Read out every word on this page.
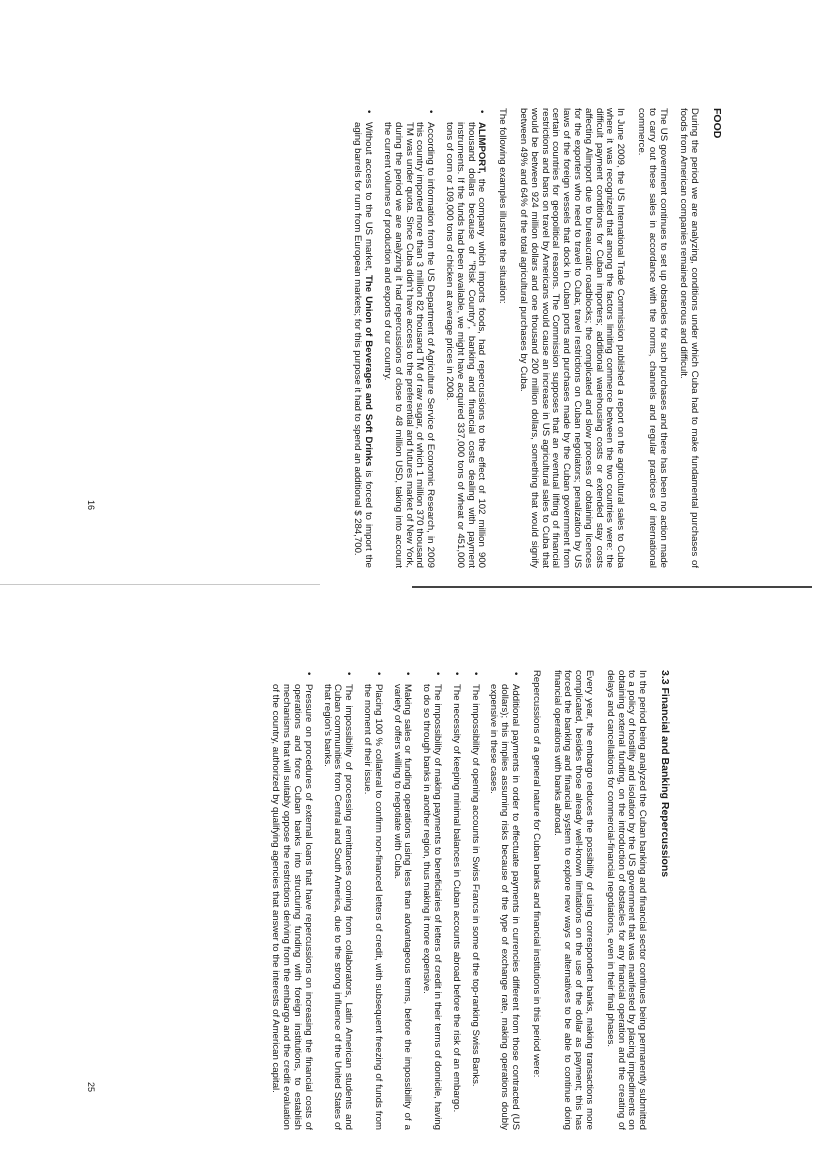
FOOD

During the period we are analyzing, conditions under which Cuba had to make fundamental purchases of foods from American companies remained onerous and difficult.

The US government continues to set up obstacles for such purchases and there has been no action made to carry out these sales in accordance with the norms, channels and regular practices of international commerce.

In June 2009, the US International Trade Commission published a report on the agricultural sales to Cuba where it was recognized that among the factors limiting commerce between the two countries were: the difficult payment conditions for Cuban importers; additional warehousing costs or extended stay costs affecting Alimport due to bureaucratic roadblocks; the complicated and slow process of obtaining licences for the exporters who need to travel to Cuba; travel restrictions on Cuban negotiators; penalization by US laws of the foreign vessels that dock in Cuban ports and purchases made by the Cuban government from certain countries for geopolitical reasons. The Commission supposes that an eventual lifting of financial restrictions and bans on travel by Americans would cause an increase in US agricultural sales to Cuba that would be between 924 million dollars and one thousand 200 million dollars, something that would signify between 49% and 64% of the total agricultural purchases by Cuba.

The following examples illustrate the situation:

• ALIMPORT, the company which imports foods, had repercussions to the effect of 102 million 900 thousand dollars because of "Risk Country", banking and financial costs dealing with payment instruments. If the funds had been available, we might have acquired 337,000 tons of wheat or 451,000 tons of corn or 109,000 tons of chicken at average prices in 2008.
• According to information from the US Department of Agriculture Service of Economic Research, in 2009 this country imported more than 3 million 82 thousand TM of raw sugar, of which 1 million 370 thousand TM was under quota. Since Cuba didn't have access to the preferential and futures market of New York, during the period we are analyzing it had repercussions of close to 48 million USD, taking into account the current volumes of production and exports of our country.
• Without access to the US market, The Union of Beverages and Soft Drinks is forced to import the aging barrels for rum from European markets; for this purpose it had to spend an additional $ 284,700.
16
3.3 Financial and Banking Repercussions

In the period being analyzed the Cuban banking and financial sector continues being permanently submitted to a policy of hostility and isolation by the US government that was manifested by placing impediments on obtaining external funding, on the introduction of obstacles for any financial operation and the creating of delays and cancellations for commercial-financial negotiations, even in their final phases.

Every year, the embargo reduces the possibility of using correspondent banks, making transactions more complicated, besides those already well-known limitations on the use of the dollar as payment; this has forced the banking and financial system to explore new ways or alternatives to be able to continue doing financial operations with banks abroad.

Repercussions of a general nature for Cuban banks and financial institutions in this period were:

• Additional payments in order to effectuate payments in currencies different from those contracted (US dollars); this implies assuming risks because of the type of exchange rate, making operations doubly expensive in these cases.
• The impossibility of opening accounts in Swiss Francs in some of the top-ranking Swiss Banks.
• The necessity of keeping minimal balances in Cuban accounts abroad before the risk of an embargo.
• The impossibility of making payments to beneficiaries of letters of credit in their terms of domicile, having to do so through banks in another region, thus making it more expensive.
• Making sales or funding operations using less than advantageous terms, before the impossibility of a variety of offers willing to negotiate with Cuba.
• Placing 100 % collateral to confirm non-financed letters of credit, with subsequent freezing of funds from the moment of their issue.
• The impossibility of processing remittances coming from collaborators, Latin American students and Cuban communities from Central and South America, due to the strong influence of the United States of that region's banks.
• Pressure on procedures of external loans that have repercussions on increasing the financial costs of operations and force Cuban banks into structuring funding with foreign institutions, to establish mechanisms that will suitably oppose the restrictions deriving from the embargo and the credit evaluation of the country, authorized by qualifying agencies that answer to the interests of American capital.
25
